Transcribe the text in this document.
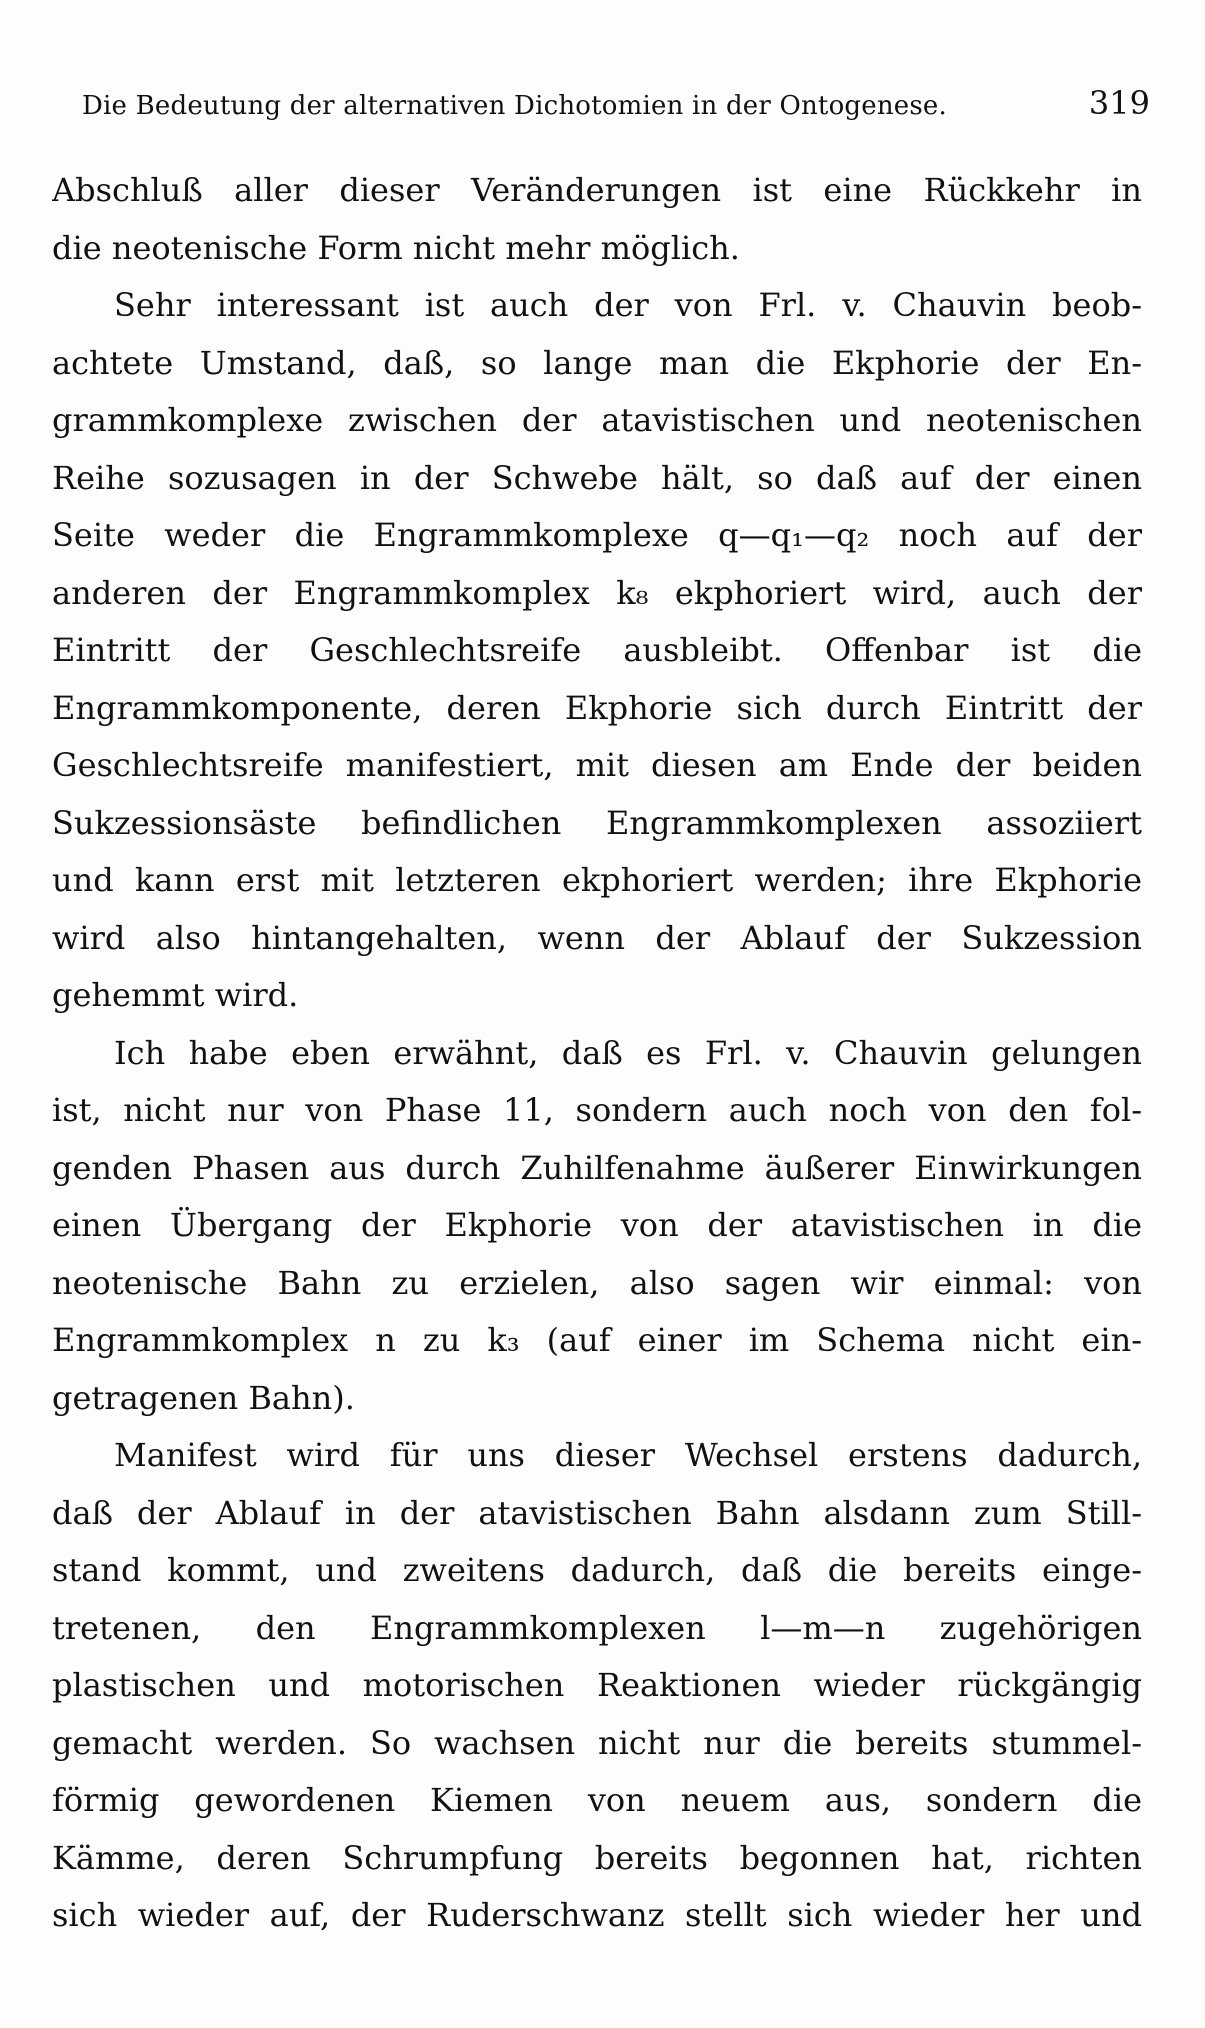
Die Bedeutung der alternativen Dichotomien in der Ontogenese.	319
Abschluß aller dieser Veränderungen ist eine Rückkehr in
die neotenische Form nicht mehr möglich.
Sehr interessant ist auch der von Frl. v. Chauvin beob-
achtete Umstand, daß, so lange man die Ekphorie der En-
grammkomplexe zwischen der atavistischen und neotenischen
Reihe sozusagen in der Schwebe hält, so daß auf der einen
Seite weder die Engrammkomplexe q—q₁—q₂ noch auf der
anderen der Engrammkomplex k₈ ekphoriert wird, auch der
Eintritt der Geschlechtsreife ausbleibt. Offenbar ist die
Engrammkomponente, deren Ekphorie sich durch Eintritt der
Geschlechtsreife manifestiert, mit diesen am Ende der beiden
Sukzessionsäste befindlichen Engrammkomplexen assoziiert
und kann erst mit letzteren ekphoriert werden; ihre Ekphorie
wird also hintangehalten, wenn der Ablauf der Sukzession
gehemmt wird.
Ich habe eben erwähnt, daß es Frl. v. Chauvin gelungen
ist, nicht nur von Phase 11, sondern auch noch von den fol-
genden Phasen aus durch Zuhilfenahme äußerer Einwirkungen
einen Übergang der Ekphorie von der atavistischen in die
neotenische Bahn zu erzielen, also sagen wir einmal: von
Engrammkomplex n zu k₃ (auf einer im Schema nicht ein-
getragenen Bahn).
Manifest wird für uns dieser Wechsel erstens dadurch,
daß der Ablauf in der atavistischen Bahn alsdann zum Still-
stand kommt, und zweitens dadurch, daß die bereits einge-
tretenen, den Engrammkomplexen l—m—n zugehörigen
plastischen und motorischen Reaktionen wieder rückgängig
gemacht werden. So wachsen nicht nur die bereits stummel-
förmig gewordenen Kiemen von neuem aus, sondern die
Kämme, deren Schrumpfung bereits begonnen hat, richten
sich wieder auf, der Ruderschwanz stellt sich wieder her und
